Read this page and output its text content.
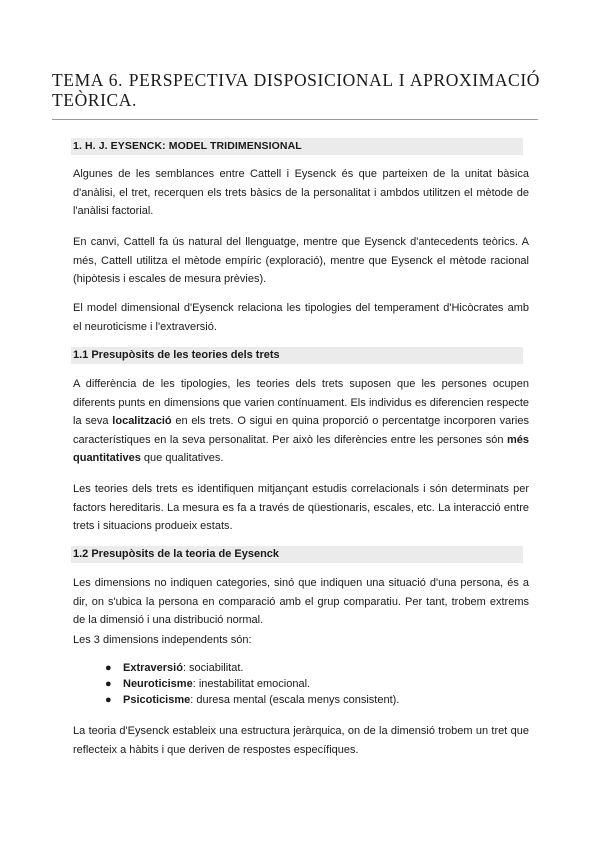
TEMA 6. PERSPECTIVA DISPOSICIONAL I APROXIMACIÓ TEÒRICA.
1. H. J. EYSENCK: MODEL TRIDIMENSIONAL

Algunes de les semblances entre Cattell i Eysenck és que parteixen de la unitat bàsica d'anàlisi, el tret, recerquen els trets bàsics de la personalitat i ambdos utilitzen el mètode de l'anàlisi factorial.

En canvi, Cattell fa ús natural del llenguatge, mentre que Eysenck d'antecedents teòrics. A més, Cattell utilitza el mètode empíric (exploració), mentre que Eysenck el mètode racional (hipòtesis i escales de mesura prèvies).

El model dimensional d'Eysenck relaciona les tipologies del temperament d'Hicòcrates amb el neuroticisme i l'extraversió.

1.1 Presupòsits de les teories dels trets

A differència de les tipologies, les teories dels trets suposen que les persones ocupen diferents punts en dimensions que varien contínuament. Els individus es diferencien respecte la seva localització en els trets. O sigui en quina proporció o percentatge incorporen varies característiques en la seva personalitat. Per això les diferències entre les persones són més quantitatives que qualitatives.

Les teories dels trets es identifiquen mitjançant estudis correlacionals i són determinats per factors hereditaris. La mesura es fa a través de qüestionaris, escales, etc. La interacció entre trets i situacions produeix estats.

1.2 Presupòsits de la teoria de Eysenck

Les dimensions no indiquen categories, sinó que indiquen una situació d'una persona, és a dir, on s'ubica la persona en comparació amb el grup comparatiu. Per tant, trobem extrems de la dimensió i una distribució normal.

Les 3 dimensions independents són:

● Extraversió: sociabilitat.
● Neuroticisme: inestabilitat emocional.
● Psicoticisme: duresa mental (escala menys consistent).

La teoria d'Eysenck estableix una estructura jeràrquica, on de la dimensió trobem un tret que reflecteix a hàbits i que deriven de respostes específiques.
